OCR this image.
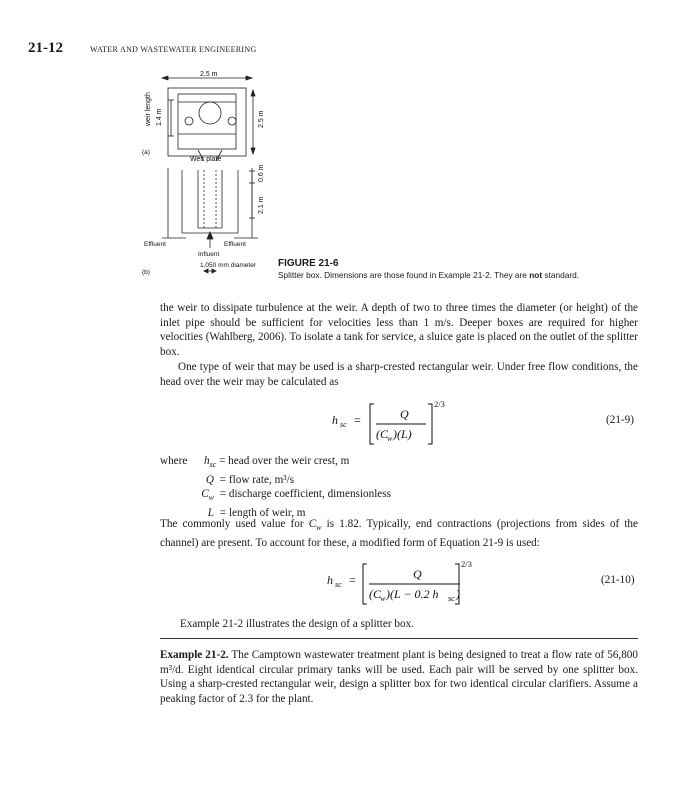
21-12	WATER AND WASTEWATER ENGINEERING
2.5 m
weir length 1.4 m	2.5 m
(a)
Weir plate
0.6 m
2.1 m
Effluent	Effluent
Influent
1,050 mm diameter
(b)
FIGURE 21-6
Splitter box. Dimensions are those found in Example 21-2. They are not standard.
the weir to dissipate turbulence at the weir. A depth of two to three times the diameter (or height) of the inlet pipe should be sufficient for velocities less than 1 m/s. Deeper boxes are required for higher velocities (Wahlberg, 2006). To isolate a tank for service, a sluice gate is placed on the outlet of the splitter box.
One type of weir that may be used is a sharp-crested rectangular weir. Under free flow conditions, the head over the weir may be calculated as
h sc =	Q
(C w )(L)
2/3
(21-9)
where $h_{sc}$ = head over the weir crest, m
Q = flow rate, m³/s
$C_w$ = discharge coefficient, dimensionless
L = length of weir, m
The commonly used value for $C_w$ is 1.82. Typically, end contractions (projections from sides of the channel) are present. To account for these, a modified form of Equation 21-9 is used:
h sc =	Q
(C w )(L − 0.2 h sc )
2/3
(21-10)
Example 21-2 illustrates the design of a splitter box.
Example 21-2. The Camptown wastewater treatment plant is being designed to treat a flow rate of 56,800 m³/d. Eight identical circular primary tanks will be used. Each pair will be served by one splitter box. Using a sharp-crested rectangular weir, design a splitter box for two identical circular clarifiers. Assume a peaking factor of 2.3 for the plant.
